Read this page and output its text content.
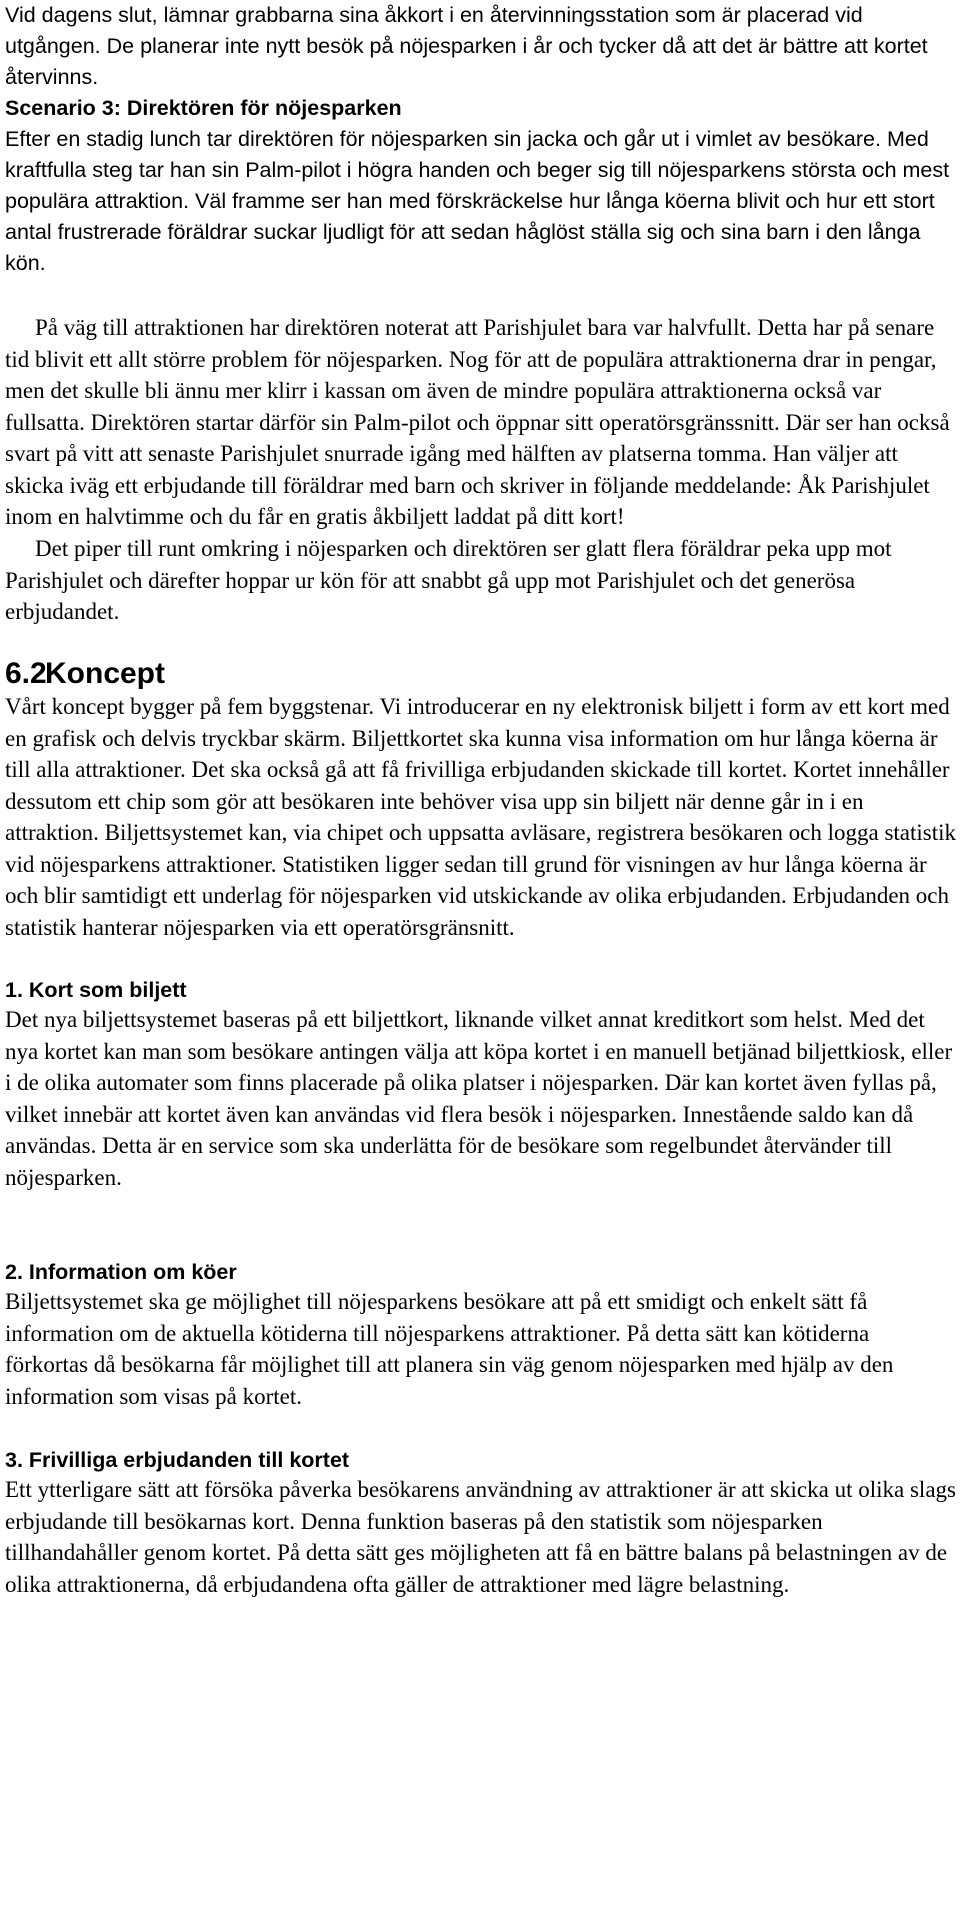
Vid dagens slut, lämnar grabbarna sina åkkort i en återvinningsstation som är placerad vid utgången. De planerar inte nytt besök på nöjesparken i år och tycker då att det är bättre att kortet återvinns.

Scenario 3: Direktören för nöjesparken

Efter en stadig lunch tar direktören för nöjesparken sin jacka och går ut i vimlet av besökare. Med kraftfulla steg tar han sin Palm-pilot i högra handen och beger sig till nöjesparkens största och mest populära attraktion. Väl framme ser han med förskräckelse hur långa köerna blivit och hur ett stort antal frustrerade föräldrar suckar ljudligt för att sedan håglöst ställa sig och sina barn i den långa kön.

På väg till attraktionen har direktören noterat att Parishjulet bara var halvfullt. Detta har på senare tid blivit ett allt större problem för nöjesparken. Nog för att de populära attraktionerna drar in pengar, men det skulle bli ännu mer klirr i kassan om även de mindre populära attraktionerna också var fullsatta. Direktören startar därför sin Palm-pilot och öppnar sitt operatörsgränssnitt. Där ser han också svart på vitt att senaste Parishjulet snurrade igång med hälften av platserna tomma. Han väljer att skicka iväg ett erbjudande till föräldrar med barn och skriver in följande meddelande: Åk Parishjulet inom en halvtimme och du får en gratis åkbiljett laddat på ditt kort!

Det piper till runt omkring i nöjesparken och direktören ser glatt flera föräldrar peka upp mot Parishjulet och därefter hoppar ur kön för att snabbt gå upp mot Parishjulet och det generösa erbjudandet.

6.2Koncept

Vårt koncept bygger på fem byggstenar. Vi introducerar en ny elektronisk biljett i form av ett kort med en grafisk och delvis tryckbar skärm. Biljettkortet ska kunna visa information om hur långa köerna är till alla attraktioner. Det ska också gå att få frivilliga erbjudanden skickade till kortet. Kortet innehåller dessutom ett chip som gör att besökaren inte behöver visa upp sin biljett när denne går in i en attraktion. Biljettsystemet kan, via chipet och uppsatta avläsare, registrera besökaren och logga statistik vid nöjesparkens attraktioner. Statistiken ligger sedan till grund för visningen av hur långa köerna är och blir samtidigt ett underlag för nöjesparken vid utskickande av olika erbjudanden. Erbjudanden och statistik hanterar nöjesparken via ett operatörsgränsnitt.

1. Kort som biljett

Det nya biljettsystemet baseras på ett biljettkort, liknande vilket annat kreditkort som helst. Med det nya kortet kan man som besökare antingen välja att köpa kortet i en manuell betjänad biljettkiosk, eller i de olika automater som finns placerade på olika platser i nöjesparken. Där kan kortet även fyllas på, vilket innebär att kortet även kan användas vid flera besök i nöjesparken. Innestående saldo kan då användas. Detta är en service som ska underlätta för de besökare som regelbundet återvänder till nöjesparken.

2. Information om köer

Biljettsystemet ska ge möjlighet till nöjesparkens besökare att på ett smidigt och enkelt sätt få information om de aktuella kötiderna till nöjesparkens attraktioner. På detta sätt kan kötiderna förkortas då besökarna får möjlighet till att planera sin väg genom nöjesparken med hjälp av den information som visas på kortet.

3. Frivilliga erbjudanden till kortet

Ett ytterligare sätt att försöka påverka besökarens användning av attraktioner är att skicka ut olika slags erbjudande till besökarnas kort. Denna funktion baseras på den statistik som nöjesparken tillhandahåller genom kortet. På detta sätt ges möjligheten att få en bättre balans på belastningen av de olika attraktionerna, då erbjudandena ofta gäller de attraktioner med lägre belastning.
